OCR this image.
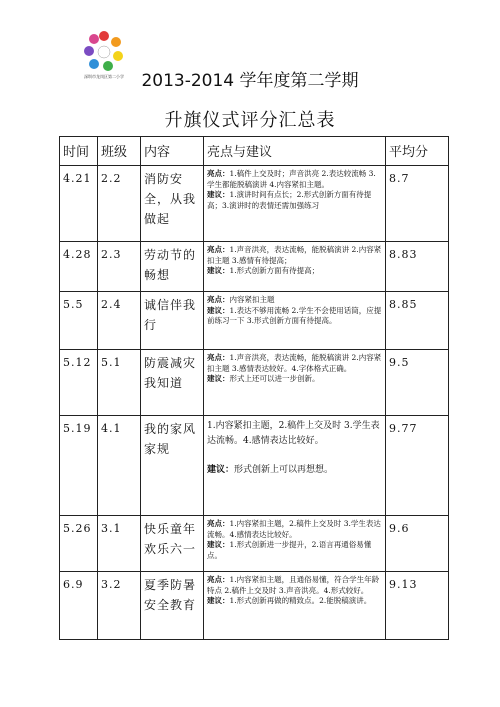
深圳市龙岗区第二小学	2013-2014 学年度第二学期
升旗仪式评分汇总表
时间	班级	内容	亮点与建议	平均分
4.21	2.2	消防安全，从我做起	亮点：1.稿件上交及时；声音洪亮 2.表达较流畅 3.学生都能脱稿演讲 4.内容紧扣主题。
建议：1.演讲时间有点长；2.形式创新方面有待提高；3.演讲时的表情还需加强练习	8.7
4.28	2.3	劳动节的畅想	亮点：1.声音洪亮，表达流畅，能脱稿演讲 2.内容紧扣主题 3.感情有待提高；
建议：1.形式创新方面有待提高；	8.83
5.5	2.4	诚信伴我行	亮点：内容紧扣主题
建议：1.表达不够用流畅 2.学生不会使用话筒，应提前练习一下 3.形式创新方面有待提高。	8.85
5.12	5.1	防震减灾我知道	亮点：1.声音洪亮，表达流畅，能脱稿演讲 2.内容紧扣主题 3.感情表达较好。4.字体格式正确。
建议：形式上还可以进一步创新。	9.5
5.19	4.1	我的家风家规	1.内容紧扣主题，2.稿件上交及时 3.学生表达流畅。4.感情表达比较好。
建议：形式创新上可以再想想。	9.77
5.26	3.1	快乐童年欢乐六一	亮点：1.内容紧扣主题，2.稿件上交及时 3.学生表达流畅。4.感情表达比较好。
建议：1.形式创新进一步提升，2.语言再通俗易懂点。	9.6
6.9	3.2	夏季防暑安全教育	亮点：1.内容紧扣主题，且通俗易懂，符合学生年龄特点 2.稿件上交及时 3.声音洪亮。4.形式较好。
建议：1.形式创新再做的精致点。2.能脱稿演讲。	9.13
